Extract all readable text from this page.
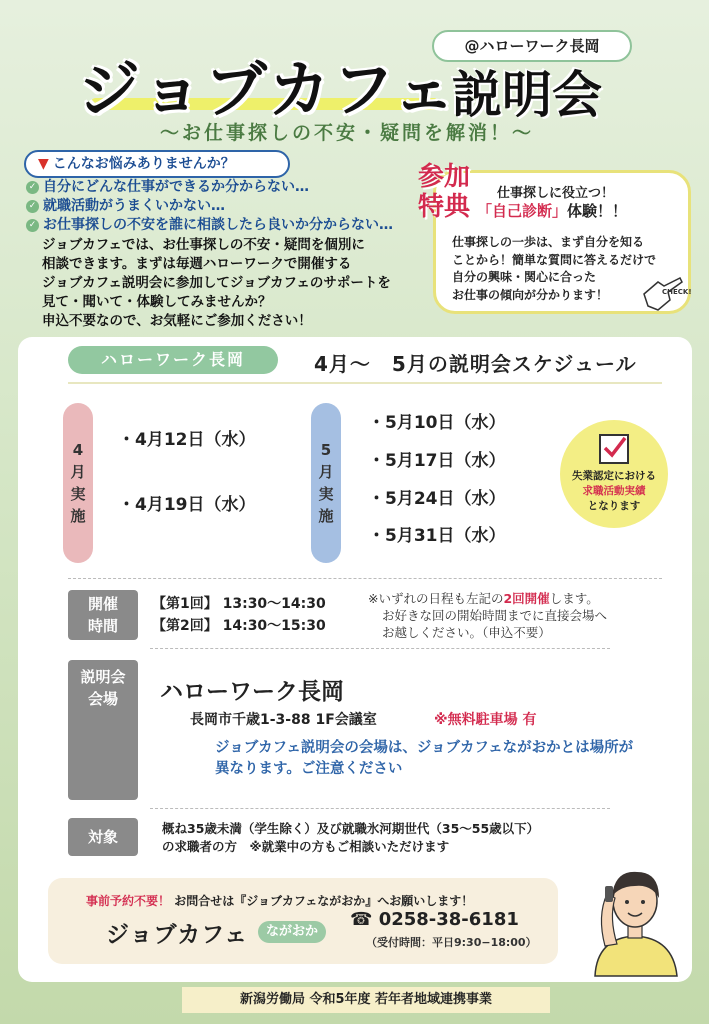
@ハローワーク長岡
ジョブカフェ
説明会
〜お仕事探しの不安・疑問を解消！〜
▼ こんなお悩みありませんか？
✓ 自分にどんな仕事ができるか分からない…
✓ 就職活動がうまくいかない…
✓ お仕事探しの不安を誰に相談したら良いか分からない…
ジョブカフェでは、お仕事探しの不安・疑問を個別に
相談できます。まずは毎週ハローワークで開催する
ジョブカフェ説明会に参加してジョブカフェのサポートを
見て・聞いて・体験してみませんか？
申込不要なので、お気軽にご参加ください！
参加
特典 仕事探しに役立つ！
「自己診断」体験！！
仕事探しの一歩は、まず自分を知る
ことから！簡単な質問に答えるだけで
自分の興味・関心に合った
お仕事の傾向が分かります！	CHECK!
ハローワーク長岡	4月〜　5月の説明会スケジュール
4
月
実
施
・4月12日（水）
・4月19日（水）
5
月
実
施
・5月10日（水）
・5月17日（水）
・5月24日（水）
・5月31日（水）
失業認定における
求職活動実績
となります
開催
時間
【第1回】 13:30〜14:30
【第2回】 14:30〜15:30
※いずれの日程も左記の2回開催します。
お好きな回の開始時間までに直接会場へ
お越しください。（申込不要）
説明会
会場	ハローワーク長岡
長岡市千歳1-3-88 1F会議室	※無料駐車場 有
ジョブカフェ説明会の会場は、ジョブカフェながおかとは場所が異なります。ご注意ください
対象	概ね35歳未満（学生除く）及び就職氷河期世代（35〜55歳以下）
の求職者の方　※就業中の方もご相談いただけます
事前予約不要！ お問合せは『ジョブカフェながおか』へお願いします！
ジョブカフェ	ながおか
☎ 0258-38-6181
（受付時間：平日9:30−18:00）
新潟労働局 令和5年度 若年者地域連携事業
